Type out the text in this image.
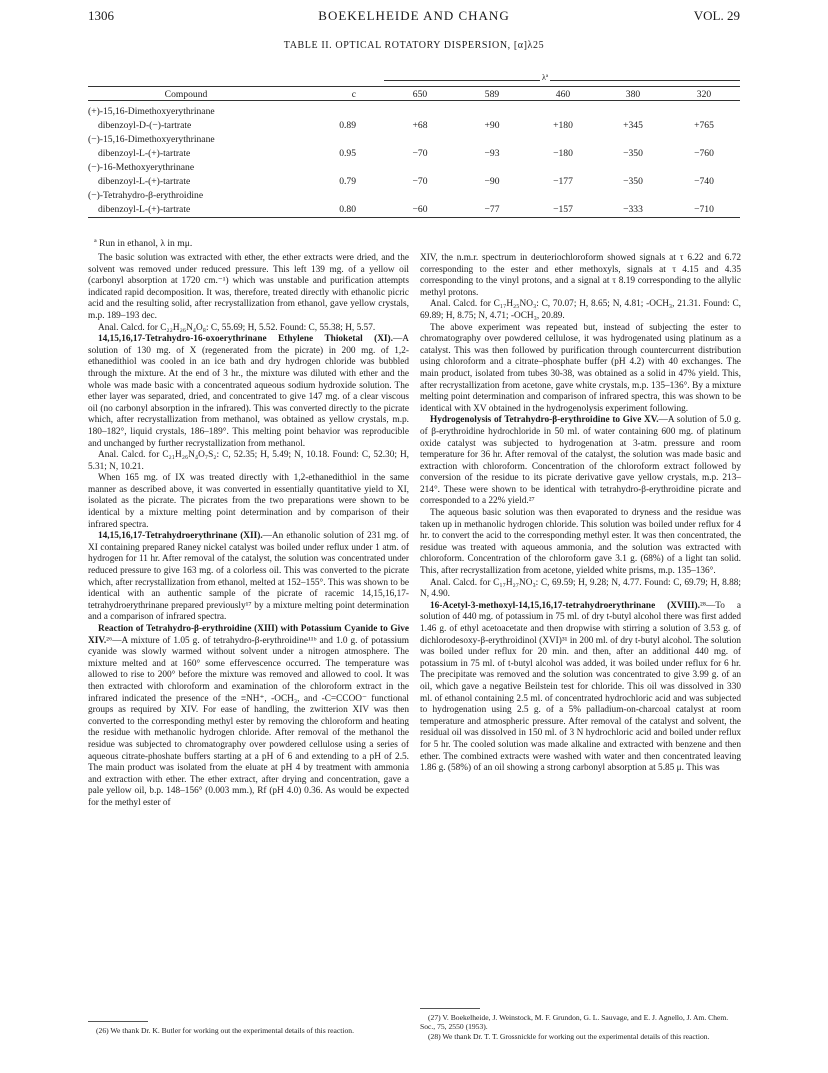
1306	BOEKELHEIDE AND CHANG	VOL. 29
TABLE II. OPTICAL ROTATORY DISPERSION, [α]λ25
λª
Compound	c	650	589	460	380	320

(+)-15,16-Dimethoxyerythrinane						
dibenzoyl-D-(−)-tartrate	0.89	+68	+90	+180	+345	+765
(−)-15,16-Dimethoxyerythrinane						
dibenzoyl-L-(+)-tartrate	0.95	−70	−93	−180	−350	−760
(−)-16-Methoxyerythrinane						
dibenzoyl-L-(+)-tartrate	0.79	−70	−90	−177	−350	−740
(−)-Tetrahydro-β-erythroidine						
dibenzoyl-L-(+)-tartrate	0.80	−60	−77	−157	−333	−710

ª Run in ethanol, λ in mμ.

The basic solution was extracted with ether, the ether extracts were dried, and the solvent was removed under reduced pressure. This left 139 mg. of a yellow oil (carbonyl absorption at 1720 cm.⁻¹) which was unstable and purification attempts indicated rapid decomposition. It was, therefore, treated directly with ethanolic picric acid and the resulting solid, after recrystallization from ethanol, gave yellow crystals, m.p. 189–193 dec.

Anal. Calcd. for C₂₂H₂₆N₄O₈: C, 55.69; H, 5.52. Found: C, 55.38; H, 5.57.

14,15,16,17-Tetrahydro-16-oxoerythrinane Ethylene Thioketal (XI).—A solution of 130 mg. of X (regenerated from the picrate) in 200 mg. of 1,2-ethanedithiol was cooled in an ice bath and dry hydrogen chloride was bubbled through the mixture. At the end of 3 hr., the mixture was diluted with ether and the whole was made basic with a concentrated aqueous sodium hydroxide solution. The ether layer was separated, dried, and concentrated to give 147 mg. of a clear viscous oil (no carbonyl absorption in the infrared). This was converted directly to the picrate which, after recrystallization from methanol, was obtained as yellow crystals, m.p. 180–182°, liquid crystals, 186–189°. This melting point behavior was reproducible and unchanged by further recrystallization from methanol.

Anal. Calcd. for C₂₁H₂₆N₄O₇S₂: C, 52.35; H, 5.49; N, 10.18. Found: C, 52.30; H, 5.31; N, 10.21.

When 165 mg. of IX was treated directly with 1,2-ethanedithiol in the same manner as described above, it was converted in essentially quantitative yield to XI, isolated as the picrate. The picrates from the two preparations were shown to be identical by a mixture melting point determination and by comparison of their infrared spectra.

14,15,16,17-Tetrahydroerythrinane (XII).—An ethanolic solution of 231 mg. of XI containing prepared Raney nickel catalyst was boiled under reflux under 1 atm. of hydrogen for 11 hr. After removal of the catalyst, the solution was concentrated under reduced pressure to give 163 mg. of a colorless oil. This was converted to the picrate which, after recrystallization from ethanol, melted at 152–155°. This was shown to be identical with an authentic sample of the picrate of racemic 14,15,16,17-tetrahydroerythrinane prepared previously¹⁷ by a mixture melting point determination and a comparison of infrared spectra.

Reaction of Tetrahydro-β-erythroidine (XIII) with Potassium Cyanide to Give XIV.²⁶—A mixture of 1.05 g. of tetrahydro-β-erythroidine¹¹ᵇ and 1.0 g. of potassium cyanide was slowly warmed without solvent under a nitrogen atmosphere. The mixture melted and at 160° some effervescence occurred. The temperature was allowed to rise to 200° before the mixture was removed and allowed to cool. It was then extracted with chloroform and examination of the chloroform extract in the infrared indicated the presence of the ≡NH⁺, -OCH₃, and -C=CCOO⁻ functional groups as required by XIV. For ease of handling, the zwitterion XIV was then converted to the corresponding methyl ester by removing the chloroform and heating the residue with methanolic hydrogen chloride. After removal of the methanol the residue was subjected to chromatography over powdered cellulose using a series of aqueous citrate-phoshate buffers starting at a pH of 6 and extending to a pH of 2.5. The main product was isolated from the eluate at pH 4 by treatment with ammonia and extraction with ether. The ether extract, after drying and concentration, gave a pale yellow oil, b.p. 148–156° (0.003 mm.), Rf (pH 4.0) 0.36. As would be expected for the methyl ester of

XIV, the n.m.r. spectrum in deuteriochloroform showed signals at τ 6.22 and 6.72 corresponding to the ester and ether methoxyls, signals at τ 4.15 and 4.35 corresponding to the vinyl protons, and a signal at τ 8.19 corresponding to the allylic methyl protons.

Anal. Calcd. for C₁₇H₂₅NO₃: C, 70.07; H, 8.65; N, 4.81; -OCH₃, 21.31. Found: C, 69.89; H, 8.75; N, 4.71; -OCH₃, 20.89.

The above experiment was repeated but, instead of subjecting the ester to chromatography over powdered cellulose, it was hydrogenated using platinum as a catalyst. This was then followed by purification through countercurrent distribution using chloroform and a citrate–phosphate buffer (pH 4.2) with 40 exchanges. The main product, isolated from tubes 30-38, was obtained as a solid in 47% yield. This, after recrystallization from acetone, gave white crystals, m.p. 135–136°. By a mixture melting point determination and comparison of infrared spectra, this was shown to be identical with XV obtained in the hydrogenolysis experiment following.

Hydrogenolysis of Tetrahydro-β-erythroidine to Give XV.—A solution of 5.0 g. of β-erythroidine hydrochloride in 50 ml. of water containing 600 mg. of platinum oxide catalyst was subjected to hydrogenation at 3-atm. pressure and room temperature for 36 hr. After removal of the catalyst, the solution was made basic and extraction with chloroform. Concentration of the chloroform extract followed by conversion of the residue to its picrate derivative gave yellow crystals, m.p. 213–214°. These were shown to be identical with tetrahydro-β-erythroidine picrate and corresponded to a 22% yield.²⁷

The aqueous basic solution was then evaporated to dryness and the residue was taken up in methanolic hydrogen chloride. This solution was boiled under reflux for 4 hr. to convert the acid to the corresponding methyl ester. It was then concentrated, the residue was treated with aqueous ammonia, and the solution was extracted with chloroform. Concentration of the chloroform gave 3.1 g. (68%) of a light tan solid. This, after recrystallization from acetone, yielded white prisms, m.p. 135–136°.

Anal. Calcd. for C₁₇H₂₇NO₃: C, 69.59; H, 9.28; N, 4.77. Found: C, 69.79; H, 8.88; N, 4.90.

16-Acetyl-3-methoxyl-14,15,16,17-tetrahydroerythrinane (XVIII).²⁸—To a solution of 440 mg. of potassium in 75 ml. of dry t-butyl alcohol there was first added 1.46 g. of ethyl acetoacetate and then dropwise with stirring a solution of 3.53 g. of dichlorodesoxy-β-erythroidinol (XVI)³¹ in 200 ml. of dry t-butyl alcohol. The solution was boiled under reflux for 20 min. and then, after an additional 440 mg. of potassium in 75 ml. of t-butyl alcohol was added, it was boiled under reflux for 6 hr. The precipitate was removed and the solution was concentrated to give 3.99 g. of an oil, which gave a negative Beilstein test for chloride. This oil was dissolved in 330 ml. of ethanol containing 2.5 ml. of concentrated hydrochloric acid and was subjected to hydrogenation using 2.5 g. of a 5% palladium-on-charcoal catalyst at room temperature and atmospheric pressure. After removal of the catalyst and solvent, the residual oil was dissolved in 150 ml. of 3 N hydrochloric acid and boiled under reflux for 5 hr. The cooled solution was made alkaline and extracted with benzene and then ether. The combined extracts were washed with water and then concentrated leaving 1.86 g. (58%) of an oil showing a strong carbonyl absorption at 5.85 μ. This was

(27) V. Boekelheide, J. Weinstock, M. F. Grundon, G. L. Sauvage, and E. J. Agnello, J. Am. Chem. Soc., 75, 2550 (1953).

(28) We thank Dr. T. T. Grossnickle for working out the experimental details of this reaction.

(26) We thank Dr. K. Butler for working out the experimental details of this reaction.
